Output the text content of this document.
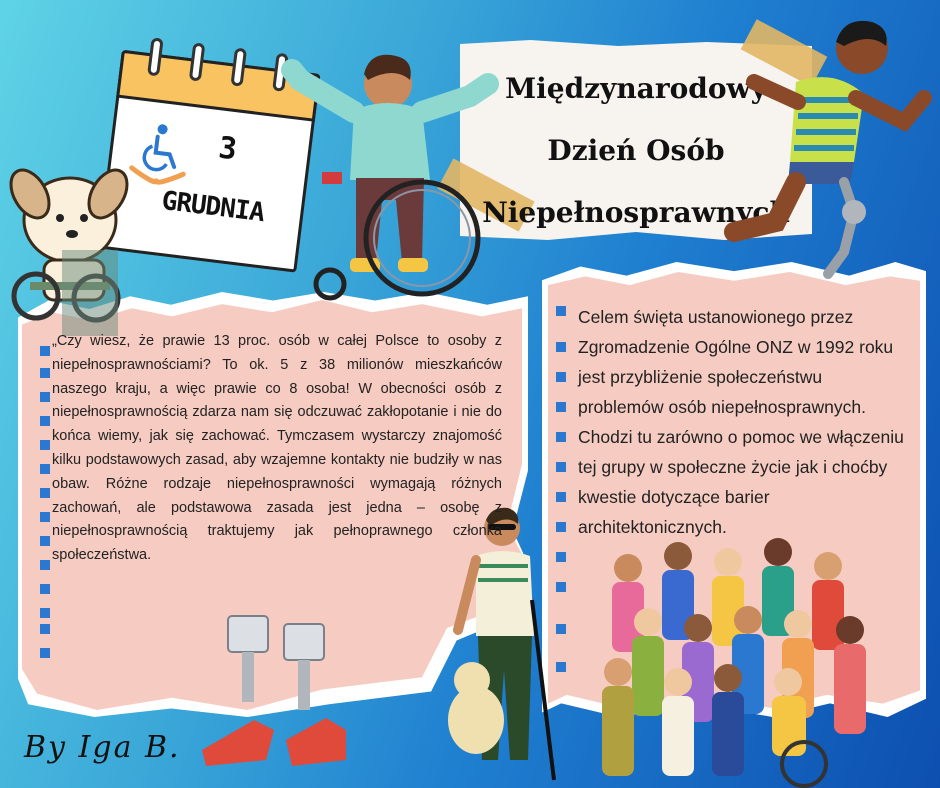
Międzynarodowy
Dzień Osób
Niepełnosprawnych
3
GRUDNIA
„Czy wiesz, że prawie 13 proc. osób w całej Polsce to osoby z niepełnosprawnościami? To ok. 5 z 38 milionów mieszkańców naszego kraju, a więc prawie co 8 osoba! W obecności osób z niepełnosprawnością zdarza nam się odczuwać zakłopotanie i nie do końca wiemy, jak się zachować. Tymczasem wystarczy znajomość kilku podstawowych zasad, aby wzajemne kontakty nie budziły w nas obaw. Różne rodzaje niepełnosprawności wymagają różnych zachowań, ale podstawowa zasada jest jedna – osobę z niepełnosprawnością traktujemy jak pełnoprawnego członka społeczeństwa.
Celem święta ustanowionego przez Zgromadzenie Ogólne ONZ w 1992 roku jest przybliżenie społeczeństwu problemów osób niepełnosprawnych. Chodzi tu zarówno o pomoc we włączeniu tej grupy w społeczne życie jak i choćby kwestie dotyczące barier architektonicznych.
By Iga B.
